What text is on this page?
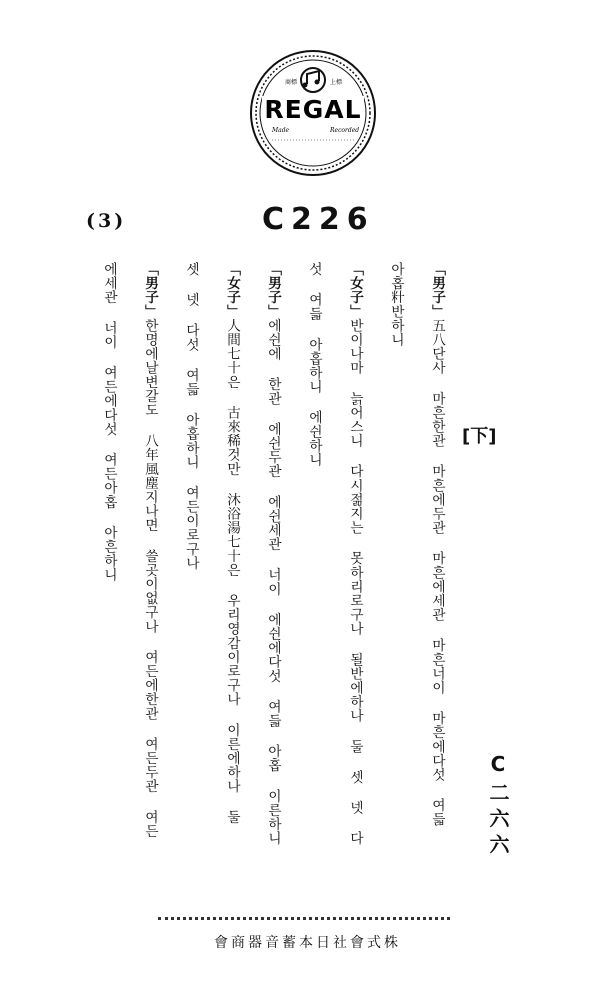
商標	上標
REGAL
Made	Recorded
(3)	C226
[下]
「男子」五八단사 마흔한관 마흔에두관 마흔에세관 마흔너이 마흔에다섯 여듧
아홉籵반하니
「女子」반이나마 늙어스니 다시젊지는 못하리로구나 될반에하나 둘 셋 넷 다
섯 여듧 아홉하니 에쉰하니
「男子」에쉰에 한관 에쉰두관 에쉰세관 너이 에쉰에다섯 여듧 아홉 이른하니
「女子」人間七十은 古來稀것만 沐浴湯七十은 우리영감이로구나 이른에하나 둘
셋 넷 다섯 여듧 아홉하니 여든이로구나
「男子」한명에날변갈도 八年風塵지나면 쓸곳이없구나 여든에한관 여든두관 여든
에세관 너이 여든에다섯 여든아홉 아흔하니
C二六六
株式會社日本蓄音器商會
